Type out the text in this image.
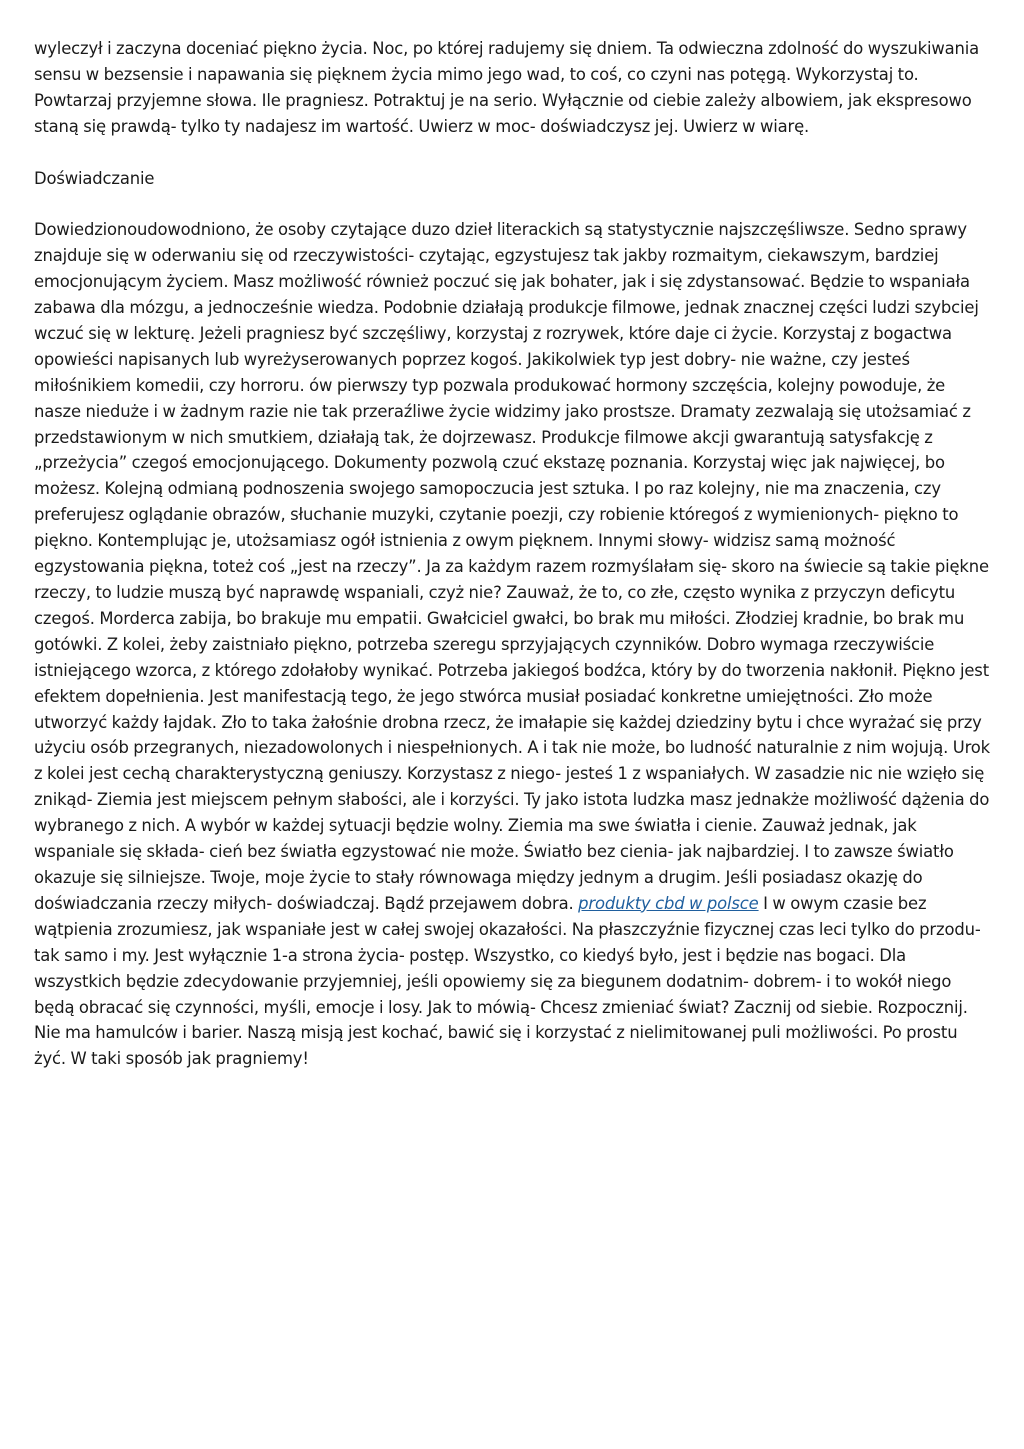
wyleczył i zaczyna doceniać piękno życia. Noc, po której radujemy się dniem. Ta odwieczna zdolność do wyszukiwania sensu w bezsensie i napawania się pięknem życia mimo jego wad, to coś, co czyni nas potęgą. Wykorzystaj to. Powtarzaj przyjemne słowa. Ile pragniesz. Potraktuj je na serio. Wyłącznie od ciebie zależy albowiem, jak ekspresowo staną się prawdą- tylko ty nadajesz im wartość. Uwierz w moc- doświadczysz jej. Uwierz w wiarę.

Doświadczanie

Dowiedzionoudowodniono, że osoby czytające duzo dzieł literackich są statystycznie najszczęśliwsze. Sedno sprawy znajduje się w oderwaniu się od rzeczywistości- czytając, egzystujesz tak jakby rozmaitym, ciekawszym, bardziej emocjonującym życiem. Masz możliwość również poczuć się jak bohater, jak i się zdystansować. Będzie to wspaniała zabawa dla mózgu, a jednocześnie wiedza. Podobnie działają produkcje filmowe, jednak znacznej części ludzi szybciej wczuć się w lekturę. Jeżeli pragniesz być szczęśliwy, korzystaj z rozrywek, które daje ci życie. Korzystaj z bogactwa opowieści napisanych lub wyreżyserowanych poprzez kogoś. Jakikolwiek typ jest dobry- nie ważne, czy jesteś miłośnikiem komedii, czy horroru. ów pierwszy typ pozwala produkować hormony szczęścia, kolejny powoduje, że nasze nieduże i w żadnym razie nie tak przeraźliwe życie widzimy jako prostsze. Dramaty zezwalają się utożsamiać z przedstawionym w nich smutkiem, działają tak, że dojrzewasz. Produkcje filmowe akcji gwarantują satysfakcję z „przeżycia” czegoś emocjonującego. Dokumenty pozwolą czuć ekstazę poznania. Korzystaj więc jak najwięcej, bo możesz. Kolejną odmianą podnoszenia swojego samopoczucia jest sztuka. I po raz kolejny, nie ma znaczenia, czy preferujesz oglądanie obrazów, słuchanie muzyki, czytanie poezji, czy robienie któregoś z wymienionych- piękno to piękno. Kontemplując je, utożsamiasz ogół istnienia z owym pięknem. Innymi słowy- widzisz samą możność egzystowania piękna, toteż coś „jest na rzeczy”. Ja za każdym razem rozmyślałam się- skoro na świecie są takie piękne rzeczy, to ludzie muszą być naprawdę wspaniali, czyż nie? Zauważ, że to, co złe, często wynika z przyczyn deficytu czegoś. Morderca zabija, bo brakuje mu empatii. Gwałciciel gwałci, bo brak mu miłości. Złodziej kradnie, bo brak mu gotówki. Z kolei, żeby zaistniało piękno, potrzeba szeregu sprzyjających czynników. Dobro wymaga rzeczywiście istniejącego wzorca, z którego zdołałoby wynikać. Potrzeba jakiegoś bodźca, który by do tworzenia nakłonił. Piękno jest efektem dopełnienia. Jest manifestacją tego, że jego stwórca musiał posiadać konkretne umiejętności. Zło może utworzyć każdy łajdak. Zło to taka żałośnie drobna rzecz, że imałapie się każdej dziedziny bytu i chce wyrażać się przy użyciu osób przegranych, niezadowolonych i niespełnionych. A i tak nie może, bo ludność naturalnie z nim wojują. Urok z kolei jest cechą charakterystyczną geniuszy. Korzystasz z niego- jesteś 1 z wspaniałych. W zasadzie nic nie wzięło się znikąd- Ziemia jest miejscem pełnym słabości, ale i korzyści. Ty jako istota ludzka masz jednakże możliwość dążenia do wybranego z nich. A wybór w każdej sytuacji będzie wolny. Ziemia ma swe światła i cienie. Zauważ jednak, jak wspaniale się składa- cień bez światła egzystować nie może. Światło bez cienia- jak najbardziej. I to zawsze światło okazuje się silniejsze. Twoje, moje życie to stały równowaga między jednym a drugim. Jeśli posiadasz okazję do doświadczania rzeczy miłych- doświadczaj. Bądź przejawem dobra. produkty cbd w polsce I w owym czasie bez wątpienia zrozumiesz, jak wspaniałe jest w całej swojej okazałości. Na płaszczyźnie fizycznej czas leci tylko do przodu- tak samo i my. Jest wyłącznie 1-a strona życia- postęp. Wszystko, co kiedyś było, jest i będzie nas bogaci. Dla wszystkich będzie zdecydowanie przyjemniej, jeśli opowiemy się za biegunem dodatnim- dobrem- i to wokół niego będą obracać się czynności, myśli, emocje i losy. Jak to mówią- Chcesz zmieniać świat? Zacznij od siebie. Rozpocznij. Nie ma hamulców i barier. Naszą misją jest kochać, bawić się i korzystać z nielimitowanej puli możliwości. Po prostu żyć. W taki sposób jak pragniemy!
